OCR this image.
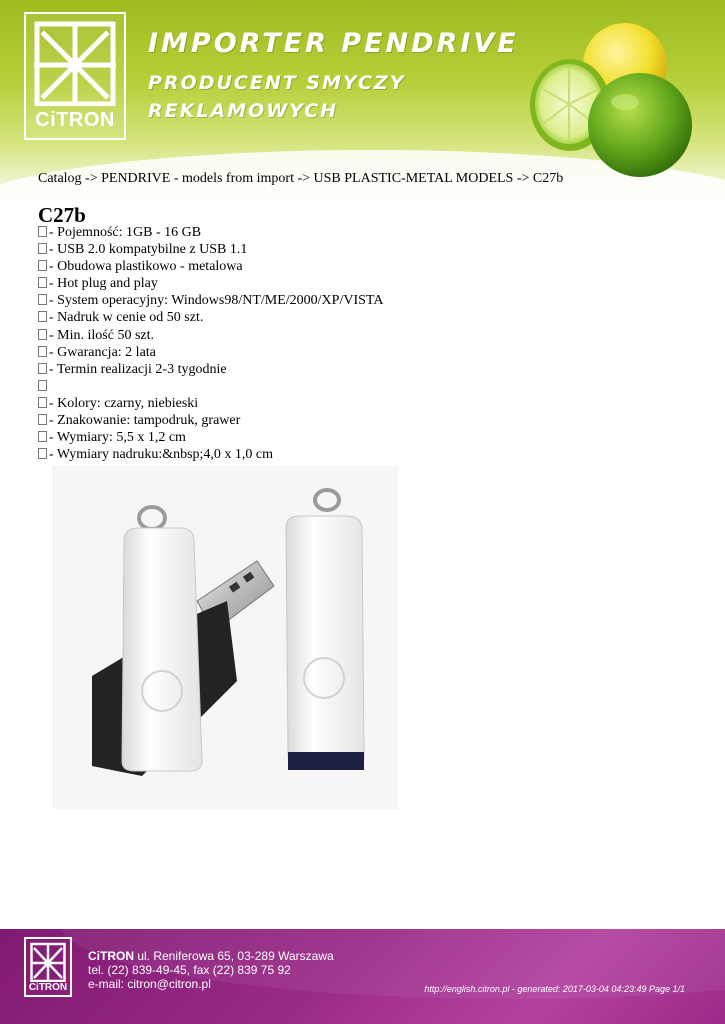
CiTRON
IMPORTER PENDRIVE
PRODUCENT SMYCZY
REKLAMOWYCH
Catalog -> PENDRIVE - models from import -> USB PLASTIC-METAL MODELS -> C27b
C27b
- Pojemność: 1GB - 16 GB
- USB 2.0 kompatybilne z USB 1.1
- Obudowa plastikowo - metalowa
- Hot plug and play
- System operacyjny: Windows98/NT/ME/2000/XP/VISTA
- Nadruk w cenie od 50 szt.
- Min. ilość 50 szt.
- Gwarancja: 2 lata
- Termin realizacji 2-3 tygodnie
- Kolory: czarny, niebieski
- Znakowanie: tampodruk, grawer
- Wymiary: 5,5 x 1,2 cm
- Wymiary nadruku:&nbsp;4,0 x 1,0 cm
CiTRON
CiTRON ul. Reniferowa 65, 03-289 Warszawa
tel. (22) 839-49-45, fax (22) 839 75 92
e-mail: citron@citron.pl	http://english.citron.pl - generated: 2017-03-04 04:23:49 Page 1/1
